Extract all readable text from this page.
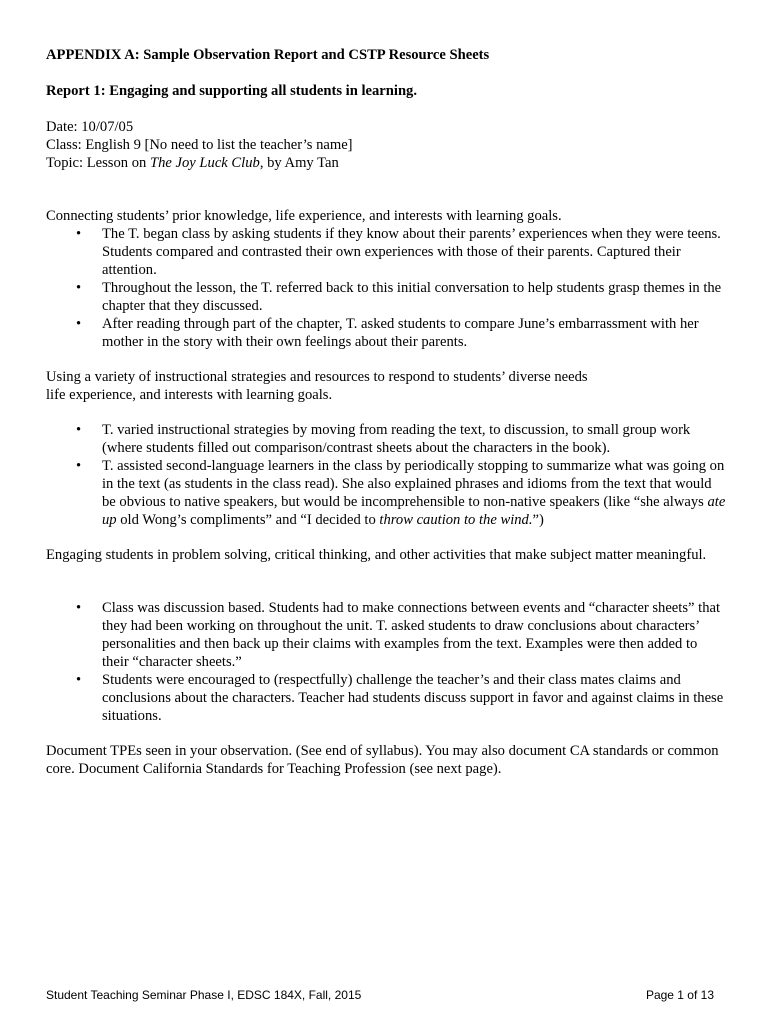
APPENDIX A: Sample Observation Report and CSTP Resource Sheets

Report 1: Engaging and supporting all students in learning.

Date: 10/07/05
Class: English 9 [No need to list the teacher’s name]
Topic: Lesson on The Joy Luck Club, by Amy Tan

Connecting students’ prior knowledge, life experience, and interests with learning goals.

• The T. began class by asking students if they know about their parents’ experiences when they were teens. Students compared and contrasted their own experiences with those of their parents. Captured their attention.
• Throughout the lesson, the T. referred back to this initial conversation to help students grasp themes in the chapter that they discussed.
• After reading through part of the chapter, T. asked students to compare June’s embarrassment with her mother in the story with their own feelings about their parents.

Using a variety of instructional strategies and resources to respond to students’ diverse needs
life experience, and interests with learning goals.

• T. varied instructional strategies by moving from reading the text, to discussion, to small group work (where students filled out comparison/contrast sheets about the characters in the book).
• T. assisted second-language learners in the class by periodically stopping to summarize what was going on in the text (as students in the class read). She also explained phrases and idioms from the text that would be obvious to native speakers, but would be incomprehensible to non-native speakers (like “she always ate up old Wong’s compliments” and “I decided to throw caution to the wind.”)

Engaging students in problem solving, critical thinking, and other activities that make subject matter meaningful.

• Class was discussion based. Students had to make connections between events and “character sheets” that they had been working on throughout the unit. T. asked students to draw conclusions about characters’ personalities and then back up their claims with examples from the text. Examples were then added to their “character sheets.”
• Students were encouraged to (respectfully) challenge the teacher’s and their class mates claims and conclusions about the characters. Teacher had students discuss support in favor and against claims in these situations.

Document TPEs seen in your observation. (See end of syllabus). You may also document CA standards or common core. Document California Standards for Teaching Profession (see next page).

Student Teaching Seminar Phase I, EDSC 184X, Fall, 2015	Page 1 of 13
